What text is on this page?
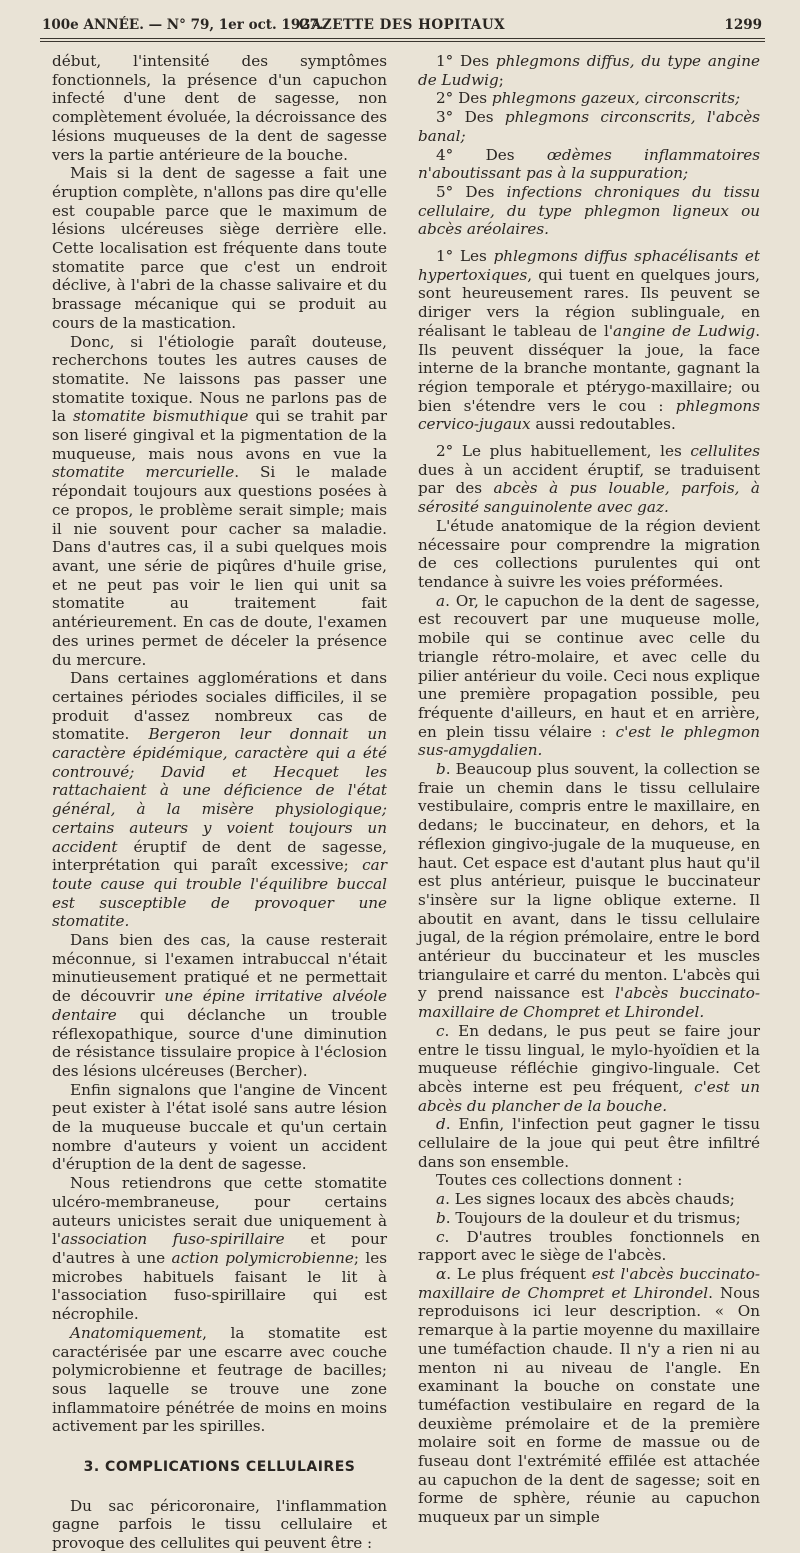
100e ANNÉE. — N° 79, 1er oct. 1927.
GAZETTE DES HOPITAUX	1299

début, l'intensité des symptômes fonctionnels, la présence d'un capuchon infecté d'une dent de sagesse, non complètement évoluée, la décroissance des lésions muqueuses de la dent de sagesse vers la partie antérieure de la bouche.

Mais si la dent de sagesse a fait une éruption complète, n'allons pas dire qu'elle est coupable parce que le maximum de lésions ulcéreuses siège derrière elle. Cette localisation est fréquente dans toute stomatite parce que c'est un endroit déclive, à l'abri de la chasse salivaire et du brassage mécanique qui se produit au cours de la mastication.

Donc, si l'étiologie paraît douteuse, recherchons toutes les autres causes de stomatite. Ne laissons pas passer une stomatite toxique. Nous ne parlons pas de la stomatite bismuthique qui se trahit par son liseré gingival et la pigmentation de la muqueuse, mais nous avons en vue la stomatite mercurielle. Si le malade répondait toujours aux questions posées à ce propos, le problème serait simple; mais il nie souvent pour cacher sa maladie. Dans d'autres cas, il a subi quelques mois avant, une série de piqûres d'huile grise, et ne peut pas voir le lien qui unit sa stomatite au traitement fait antérieurement. En cas de doute, l'examen des urines permet de déceler la présence du mercure.

Dans certaines agglomérations et dans certaines périodes sociales difficiles, il se produit d'assez nombreux cas de stomatite. Bergeron leur donnait un caractère épidémique, caractère qui a été controuvé; David et Hecquet les rattachaient à une déficience de l'état général, à la misère physiologique; certains auteurs y voient toujours un accident éruptif de dent de sagesse, interprétation qui paraît excessive; car toute cause qui trouble l'équilibre buccal est susceptible de provoquer une stomatite.

Dans bien des cas, la cause resterait méconnue, si l'examen intrabuccal n'était minutieusement pratiqué et ne permettait de découvrir une épine irritative alvéole dentaire qui déclanche un trouble réflexopathique, source d'une diminution de résistance tissulaire propice à l'éclosion des lésions ulcéreuses (Bercher).

Enfin signalons que l'angine de Vincent peut exister à l'état isolé sans autre lésion de la muqueuse buccale et qu'un certain nombre d'auteurs y voient un accident d'éruption de la dent de sagesse.

Nous retiendrons que cette stomatite ulcéro-membraneuse, pour certains auteurs unicistes serait due uniquement à l'association fuso-spirillaire et pour d'autres à une action polymicrobienne; les microbes habituels faisant le lit à l'association fuso-spirillaire qui est nécrophile.

Anatomiquement, la stomatite est caractérisée par une escarre avec couche polymicrobienne et feutrage de bacilles; sous laquelle se trouve une zone inflammatoire pénétrée de moins en moins activement par les spirilles.

3. COMPLICATIONS CELLULAIRES

Du sac péricoronaire, l'inflammation gagne parfois le tissu cellulaire et provoque des cellulites qui peuvent être :

1° Des phlegmons diffus, du type angine de Ludwig;

2° Des phlegmons gazeux, circonscrits;

3° Des phlegmons circonscrits, l'abcès banal;

4° Des œdèmes inflammatoires n'aboutissant pas à la suppuration;

5° Des infections chroniques du tissu cellulaire, du type phlegmon ligneux ou abcès aréolaires.

1° Les phlegmons diffus sphacélisants et hypertoxiques, qui tuent en quelques jours, sont heureusement rares. Ils peuvent se diriger vers la région sublinguale, en réalisant le tableau de l'angine de Ludwig. Ils peuvent disséquer la joue, la face interne de la branche montante, gagnant la région temporale et ptérygo-maxillaire; ou bien s'étendre vers le cou : phlegmons cervico-jugaux aussi redoutables.

2° Le plus habituellement, les cellulites dues à un accident éruptif, se traduisent par des abcès à pus louable, parfois, à sérosité sanguinolente avec gaz.

L'étude anatomique de la région devient nécessaire pour comprendre la migration de ces collections purulentes qui ont tendance à suivre les voies préformées.

a. Or, le capuchon de la dent de sagesse, est recouvert par une muqueuse molle, mobile qui se continue avec celle du triangle rétro-molaire, et avec celle du pilier antérieur du voile. Ceci nous explique une première propagation possible, peu fréquente d'ailleurs, en haut et en arrière, en plein tissu vélaire : c'est le phlegmon sus-amygdalien.

b. Beaucoup plus souvent, la collection se fraie un chemin dans le tissu cellulaire vestibulaire, compris entre le maxillaire, en dedans; le buccinateur, en dehors, et la réflexion gingivo-jugale de la muqueuse, en haut. Cet espace est d'autant plus haut qu'il est plus antérieur, puisque le buccinateur s'insère sur la ligne oblique externe. Il aboutit en avant, dans le tissu cellulaire jugal, de la région prémolaire, entre le bord antérieur du buccinateur et les muscles triangulaire et carré du menton. L'abcès qui y prend naissance est l'abcès buccinato-maxillaire de Chompret et Lhirondel.

c. En dedans, le pus peut se faire jour entre le tissu lingual, le mylo-hyoïdien et la muqueuse réfléchie gingivo-linguale. Cet abcès interne est peu fréquent, c'est un abcès du plancher de la bouche.

d. Enfin, l'infection peut gagner le tissu cellulaire de la joue qui peut être infiltré dans son ensemble.

Toutes ces collections donnent :

a. Les signes locaux des abcès chauds;

b. Toujours de la douleur et du trismus;

c. D'autres troubles fonctionnels en rapport avec le siège de l'abcès.

α. Le plus fréquent est l'abcès buccinato-maxillaire de Chompret et Lhirondel. Nous reproduisons ici leur description. « On remarque à la partie moyenne du maxillaire une tuméfaction chaude. Il n'y a rien ni au menton ni au niveau de l'angle. En examinant la bouche on constate une tuméfaction vestibulaire en regard de la deuxième prémolaire et de la première molaire soit en forme de massue ou de fuseau dont l'extrémité effilée est attachée au capuchon de la dent de sagesse; soit en forme de sphère, réunie au capuchon muqueux par un simple
